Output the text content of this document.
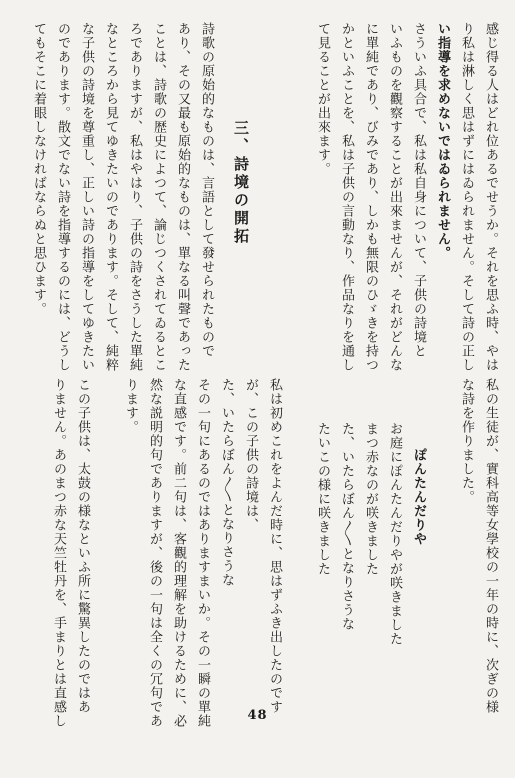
感じ得る人はどれ位あるでせうか。それを思ふ時、やは
り私は淋しく思はずにはゐられません。そして詩の正し
い指導を求めないではゐられません。
さういふ具合で、私は私自身について、子供の詩境と
いふものを觀察することが出來ませんが、それがどんな
に單純であり、びみであり、しかも無限のひゞきを持つ
かといふことを、私は子供の言動なり、作品なりを通し
て見ることが出來ます。
三、詩境の開拓
詩歌の原始的なものは、言語として發せられたもので
あり、その又最も原始的なものは、單なる叫聲であった
ことは、詩歌の歴史によつて、論じつくされてゐるとこ
ろでありますが、私はやはり、子供の詩をさうした單純
なところから見てゆきたいのであります。そして、純粹
な子供の詩境を尊重し、正しい詩の指導をしてゆきたい
のであります。散文でない詩を指導するのには、どうし
てもそこに着眼しなければならぬと思ひます。
私の生徒が、實科高等女學校の一年の時に、次ぎの様
な詩を作りました。
ぽんたんだりや
お庭にぽんたんだりやが咲きました
まつ赤なのが咲きました
た、いたらぼん〳〵となりさうな
たいこの様に咲きました
私は初めこれをよんだ時に、思はずふき出したのです
が、この子供の詩境は、
た、いたらぼん〳〵となりさうな
その一句にあるのではありますまいか。その一瞬の單純
な直感です。前二句は、客觀的理解を助けるために、必
然な説明的句でありますが、後の一句は全くの冗句であ
ります。
この子供は、太鼓の様なといふ所に驚異したのではあ
りません。あのまつ赤な天竺牡丹を、手まりとは直感し	48
